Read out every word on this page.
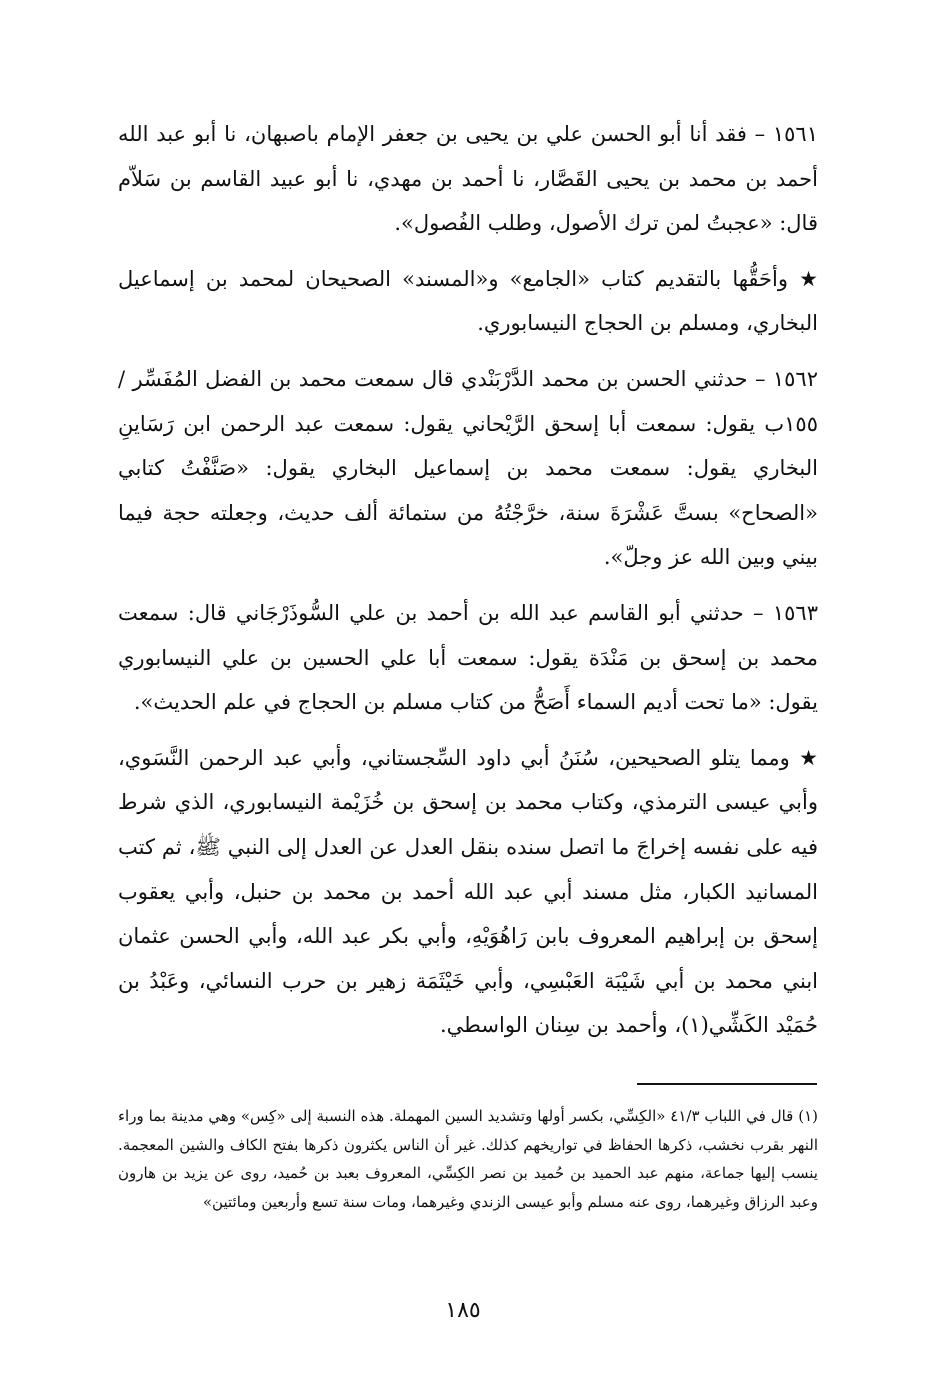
١٥٦١ – فقد أنا أبو الحسن علي بن يحيى بن جعفر الإمام باصبهان، نا أبو عبد الله أحمد بن محمد بن يحيى القَصَّار، نا أحمد بن مهدي، نا أبو عبيد القاسم بن سَلاّم قال: «عجبتُ لمن ترك الأصول، وطلب الفُصول».

★ وأحَقُّها بالتقديم كتاب «الجامع» و«المسند» الصحيحان لمحمد بن إسماعيل البخاري، ومسلم بن الحجاج النيسابوري.

١٥٦٢ – حدثني الحسن بن محمد الدَّرْبَنْدي قال سمعت محمد بن الفضل المُفَسِّر /١٥٥ب يقول: سمعت أبا إسحق الرَّيْحاني يقول: سمعت عبد الرحمن ابن رَسَاينِ البخاري يقول: سمعت محمد بن إسماعيل البخاري يقول: «صَنَّفْتُ كتابي «الصحاح» بستَّ عَشْرَةَ سنة، خرَّجْتُهُ من ستمائة ألف حديث، وجعلته حجة فيما بيني وبين الله عز وجلّ».

١٥٦٣ – حدثني أبو القاسم عبد الله بن أحمد بن علي السُّوذَرْجَاني قال: سمعت محمد بن إسحق بن مَنْدَة يقول: سمعت أبا علي الحسين بن علي النيسابوري يقول: «ما تحت أديم السماء أَصَحُّ من كتاب مسلم بن الحجاج في علم الحديث».

★ ومما يتلو الصحيحين، سُنَنُ أبي داود السِّجستاني، وأبي عبد الرحمن النَّسَوي، وأبي عيسى الترمذي، وكتاب محمد بن إسحق بن خُزَيْمة النيسابوري، الذي شرط فيه على نفسه إخراجَ ما اتصل سنده بنقل العدل عن العدل إلى النبي ﷺ، ثم كتب المسانيد الكبار، مثل مسند أبي عبد الله أحمد بن محمد بن حنبل، وأبي يعقوب إسحق بن إبراهيم المعروف بابن رَاهُوَيْهِ، وأبي بكر عبد الله، وأبي الحسن عثمان ابني محمد بن أبي شَيْبَة العَبْسِي، وأبي خَيْثَمَة زهير بن حرب النسائي، وعَبْدُ بن حُمَيْد الكَشِّي(١)، وأحمد بن سِنان الواسطي.

(١) قال في اللباب ٤١/٣ «الكِسِّي، بكسر أولها وتشديد السين المهملة. هذه النسبة إلى «كِس» وهي مدينة بما وراء النهر بقرب نخشب، ذكرها الحفاظ في تواريخهم كذلك. غير أن الناس يكثرون ذكرها بفتح الكاف والشين المعجمة. ينسب إليها جماعة، منهم عبد الحميد بن حُميد بن نصر الكِسِّي، المعروف بعبد بن حُميد، روى عن يزيد بن هارون وعبد الرزاق وغيرهما، روى عنه مسلم وأبو عيسى الزندي وغيرهما، ومات سنة تسع وأربعين ومائتين»

١٨٥
